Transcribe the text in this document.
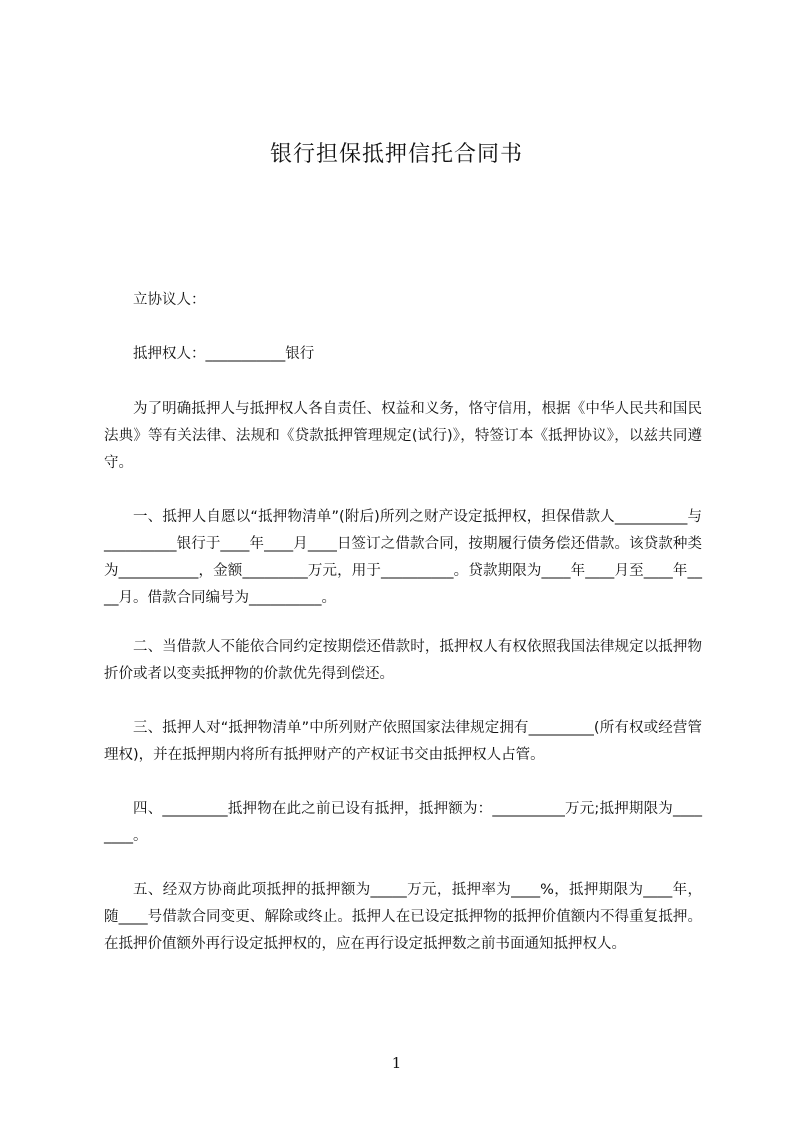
银行担保抵押信托合同书
立协议人：
抵押权人：___________银行
为了明确抵押人与抵押权人各自责任、权益和义务，恪守信用，根据《中华人民共和国民法典》等有关法律、法规和《贷款抵押管理规定(试行)》，特签订本《抵押协议》，以兹共同遵守。
一、抵押人自愿以“抵押物清单”(附后)所列之财产设定抵押权，担保借款人__________与__________银行于____年____月____日签订之借款合同，按期履行债务偿还借款。该贷款种类为___________，金额_________万元，用于__________。贷款期限为____年____月至____年____月。借款合同编号为__________。
二、当借款人不能依合同约定按期偿还借款时，抵押权人有权依照我国法律规定以抵押物折价或者以变卖抵押物的价款优先得到偿还。
三、抵押人对“抵押物清单”中所列财产依照国家法律规定拥有_________(所有权或经营管理权)，并在抵押期内将所有抵押财产的产权证书交由抵押权人占管。
四、_________抵押物在此之前已设有抵押，抵押额为：__________万元;抵押期限为________。
五、经双方协商此项抵押的抵押额为_____万元，抵押率为____%，抵押期限为____年，随____号借款合同变更、解除或终止。抵押人在已设定抵押物的抵押价值额内不得重复抵押。在抵押价值额外再行设定抵押权的，应在再行设定抵押数之前书面通知抵押权人。
1
